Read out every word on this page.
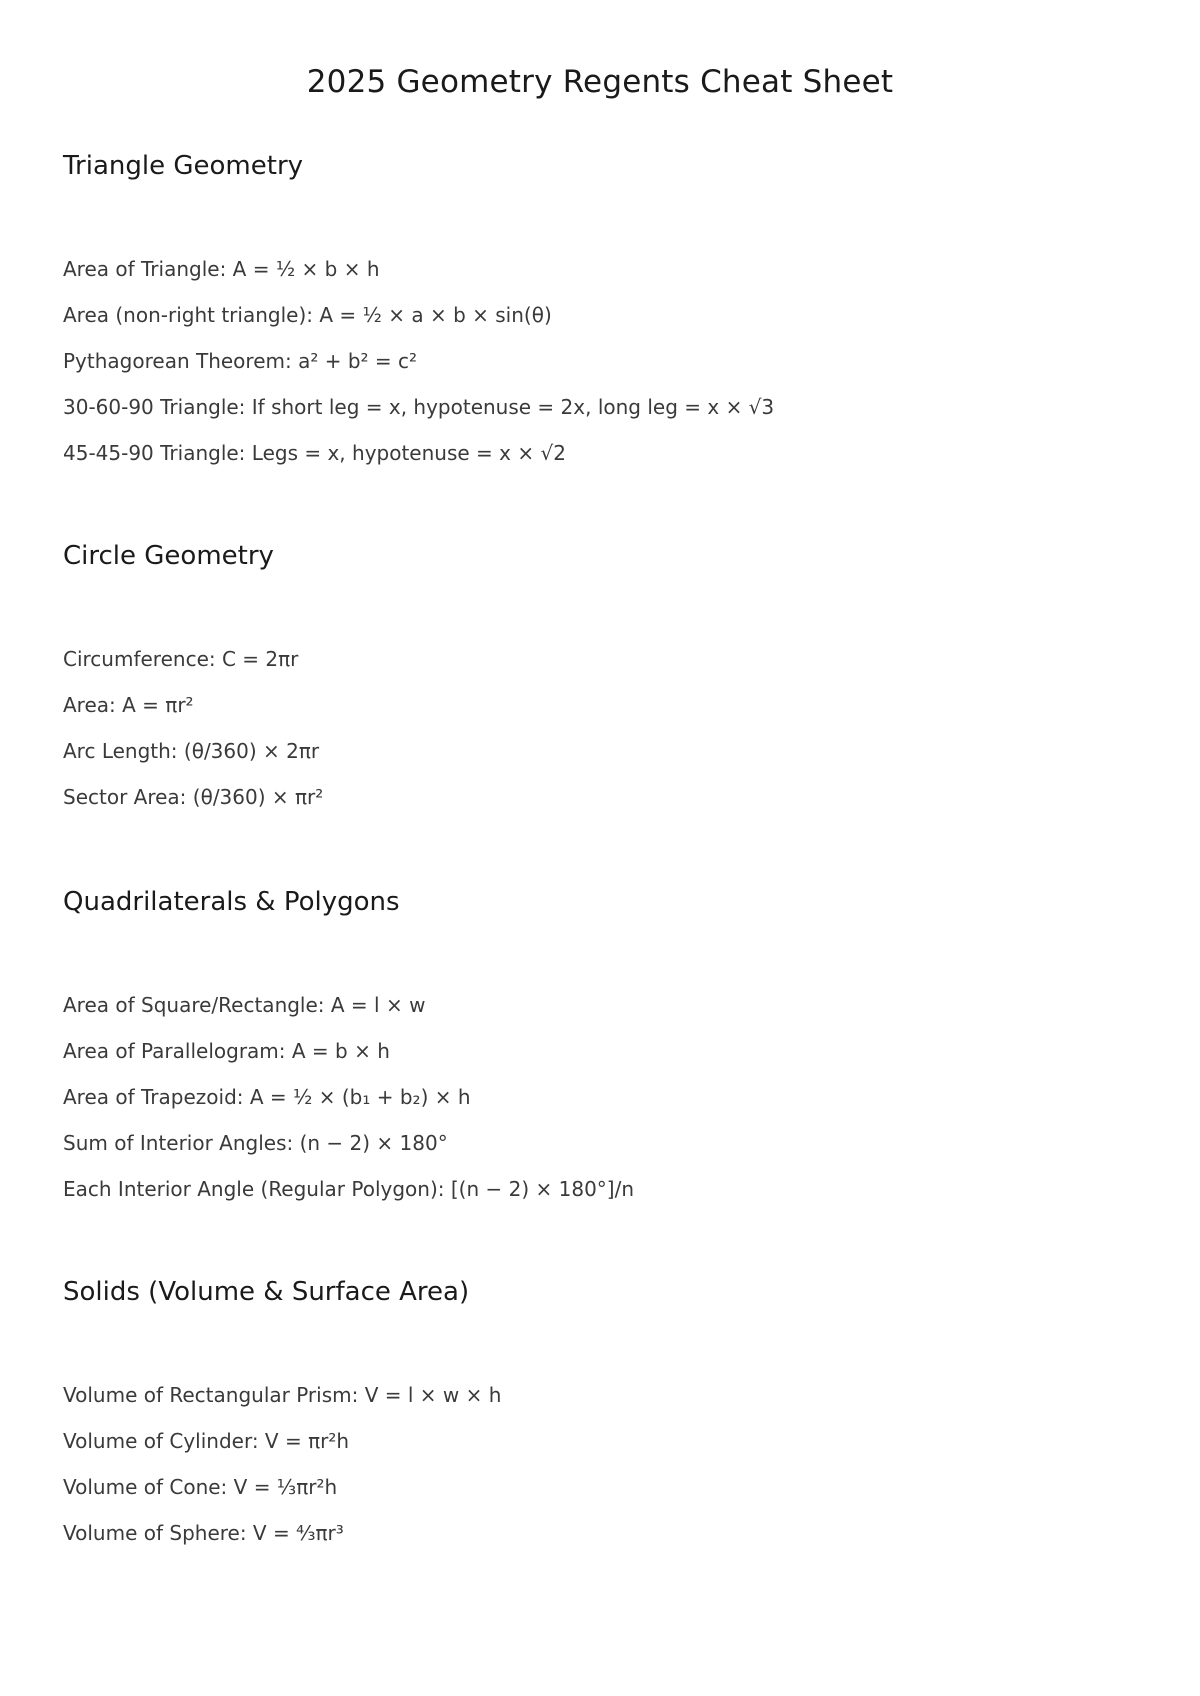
2025 Geometry Regents Cheat Sheet
Triangle Geometry
Area of Triangle: A = ½ × b × h
Area (non-right triangle): A = ½ × a × b × sin(θ)
Pythagorean Theorem: a² + b² = c²
30-60-90 Triangle: If short leg = x, hypotenuse = 2x, long leg = x × √3
45-45-90 Triangle: Legs = x, hypotenuse = x × √2
Circle Geometry
Circumference: C = 2πr
Area: A = πr²
Arc Length: (θ/360) × 2πr
Sector Area: (θ/360) × πr²
Quadrilaterals & Polygons
Area of Square/Rectangle: A = l × w
Area of Parallelogram: A = b × h
Area of Trapezoid: A = ½ × (b₁ + b₂) × h
Sum of Interior Angles: (n − 2) × 180°
Each Interior Angle (Regular Polygon): [(n − 2) × 180°]/n
Solids (Volume & Surface Area)
Volume of Rectangular Prism: V = l × w × h
Volume of Cylinder: V = πr²h
Volume of Cone: V = ⅓πr²h
Volume of Sphere: V = ⁴⁄₃πr³
